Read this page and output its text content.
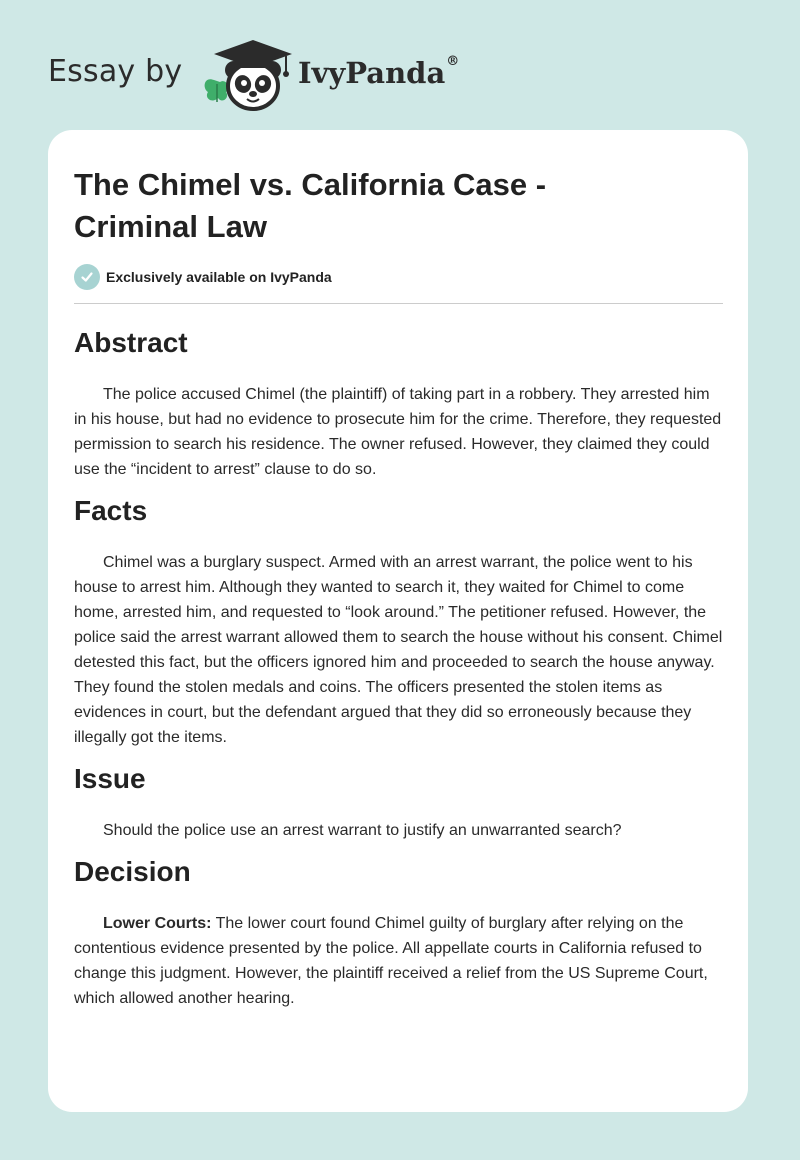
Essay by	IvyPanda®
The Chimel vs. California Case - Criminal Law
Exclusively available on IvyPanda
Abstract

The police accused Chimel (the plaintiff) of taking part in a robbery. They arrested him in his house, but had no evidence to prosecute him for the crime. Therefore, they requested permission to search his residence. The owner refused. However, they claimed they could use the “incident to arrest” clause to do so.

Facts

Chimel was a burglary suspect. Armed with an arrest warrant, the police went to his house to arrest him. Although they wanted to search it, they waited for Chimel to come home, arrested him, and requested to “look around.” The petitioner refused. However, the police said the arrest warrant allowed them to search the house without his consent. Chimel detested this fact, but the officers ignored him and proceeded to search the house anyway. They found the stolen medals and coins. The officers presented the stolen items as evidences in court, but the defendant argued that they did so erroneously because they illegally got the items.

Issue

Should the police use an arrest warrant to justify an unwarranted search?

Decision

Lower Courts: The lower court found Chimel guilty of burglary after relying on the contentious evidence presented by the police. All appellate courts in California refused to change this judgment. However, the plaintiff received a relief from the US Supreme Court, which allowed another hearing.
